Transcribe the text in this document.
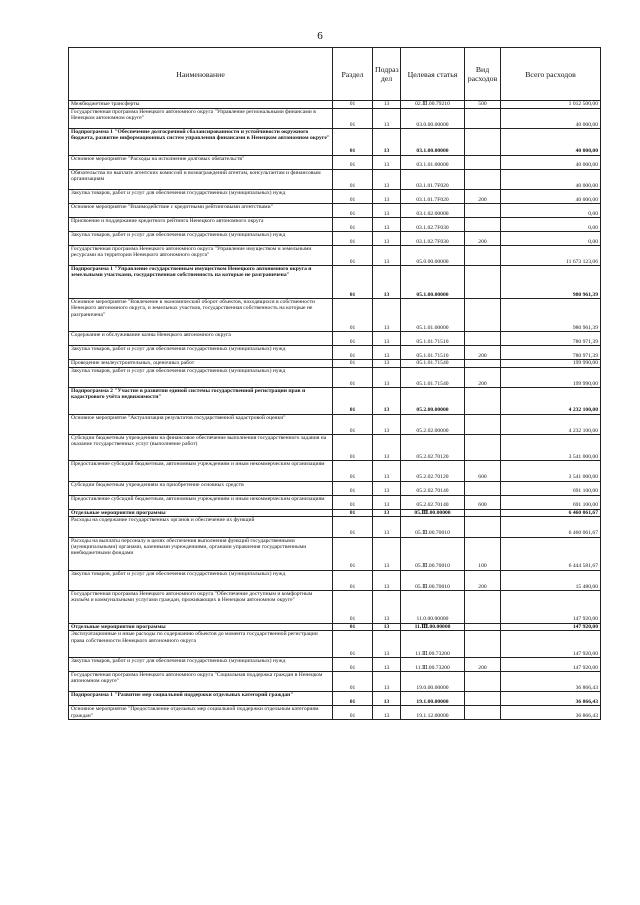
6
Наименование	Раздел	Подраз дел	Целевая статья	Вид расходов	Всего расходов
Межбюджетные трансферты	01	13	02.Ⅲ.00.79210	500	1 012 500,00
Государственная программа Ненецкого автономного округа "Управление региональными финансами в Ненецком автономном округе"	01	13	03.0.00.00000		40 000,00
Подпрограмма 1 "Обеспечение долгосрочной сбалансированности и устойчивости окружного бюджета, развитие информационных систем управления финансами в Ненецком автономном округе"	01	13	03.1.00.00000		40 000,00
Основное мероприятие "Расходы на исполнение долговых обязательств"	01	13	03.1.01.00000		40 000,00
Обязательства по выплате агентских комиссий и вознаграждений агентам, консультантам и финансовым организациям	01	13	03.1.01.7F020		40 000,00
Закупка товаров, работ и услуг для обеспечения государственных (муниципальных) нужд	01	13	03.1.01.7F020	200	40 000,00
Основное мероприятие "Взаимодействие с кредитными рейтинговыми агентствами"	01	13	03.1.02.00000		0,00
Присвоение и поддержание кредитного рейтинга Ненецкого автономного округа	01	13	03.1.02.7F030		0,00
Закупка товаров, работ и услуг для обеспечения государственных (муниципальных) нужд	01	13	03.1.02.7F030	200	0,00
Государственная программа Ненецкого автономного округа "Управление имуществом и земельными ресурсами на территории Ненецкого автономного округа"	01	13	05.0.00.00000		11 673 123,06
Подпрограмма 1 "Управление государственным имуществом Ненецкого автономного округа и земельными участками, государственная собственность на которые не разграничена"	01	13	05.1.00.00000		980 961,39
Основное мероприятие "Вовлечение в экономический оборот объектов, находящихся в собственности Ненецкого автономного округа, и земельных участков, государственная собственность на которые не разграничена"	01	13	05.1.01.00000		980 961,39
Содержание и обслуживание казны Ненецкого автономного округа	01	13	05.1.01.71510		780 971,39
Закупка товаров, работ и услуг для обеспечения государственных (муниципальных) нужд	01	13	05.1.01.71510	200	780 971,39
Проведение землеустроительных, оценочных работ	01	13	05.1.01.71540		199 990,00
Закупка товаров, работ и услуг для обеспечения государственных (муниципальных) нужд	01	13	05.1.01.71540	200	199 990,00
Подпрограмма 2 "Участие в развитии единой системы государственной регистрации прав и кадастрового учёта недвижимости"	01	13	05.2.00.00000		4 232 100,00
Основное мероприятие "Актуализация результатов государственной кадастровой оценки"	01	13	05.2.02.00000		4 232 100,00
Субсидии бюджетным учреждениям на финансовое обеспечение выполнения государственного задания на оказание государственных услуг (выполнение работ)	01	13	05.2.02.70120		3 541 000,00
Предоставление субсидий бюджетным, автономным учреждениям и иным некоммерческим организациям	01	13	05.2.02.70120	600	3 541 000,00
Субсидии бюджетным учреждениям на приобретение основных средств	01	13	05.2.02.70140		691 100,00
Предоставление субсидий бюджетным, автономным учреждениям и иным некоммерческим организациям	01	13	05.2.02.70140	600	691 100,00
Отдельные мероприятия программы	01	13	05.Ⅲ.00.00000		6 460 061,67
Расходы на содержание государственных органов и обеспечение их функций	01	13	05.Ⅲ.00.70010		6 460 061,67
Расходы на выплаты персоналу в целях обеспечения выполнения функций государственными (муниципальными) органами, казенными учреждениями, органами управления государственными внебюджетными фондами	01	13	05.Ⅲ.00.70010	100	6 444 581,67
Закупка товаров, работ и услуг для обеспечения государственных (муниципальных) нужд	01	13	05.Ⅲ.00.70010	200	15 480,00
Государственная программа Ненецкого автономного округа "Обеспечение доступным и комфортным жильём и коммунальными услугами граждан, проживающих в Ненецком автономном округе"	01	13	11.0.00.00000		147 920,00
Отдельные мероприятия программы	01	13	11.Ⅲ.00.00000		147 920,00
Эксплуатационные и иные расходы по содержанию объектов до момента государственной регистрации права собственности Ненецкого автономного округа	01	13	11.Ⅲ.00.73200		147 920,00
Закупка товаров, работ и услуг для обеспечения государственных (муниципальных) нужд	01	13	11.Ⅲ.00.73200	200	147 920,00
Государственная программа Ненецкого автономного округа "Социальная поддержка граждан в Ненецком автономном округе"	01	13	19.0.00.00000		36 866,43
Подпрограмма 1 "Развитие мер социальной поддержки отдельных категорий граждан"	01	13	19.1.00.00000		36 866,43
Основное мероприятие "Предоставление отдельных мер социальной поддержки отдельным категориям граждан"	01	13	19.1.12.00000		36 866,43
